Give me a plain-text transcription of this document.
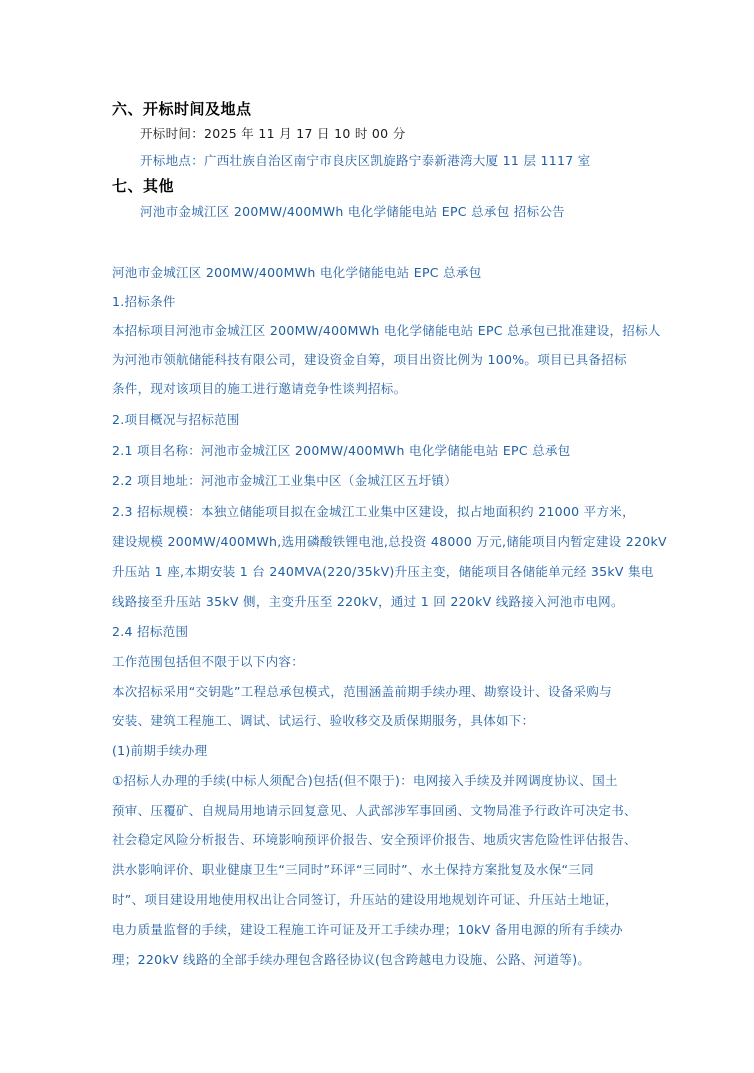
六、开标时间及地点
开标时间：2025 年 11 月 17 日 10 时 00 分
开标地点：广西壮族自治区南宁市良庆区凯旋路宁泰新港湾大厦 11 层 1117 室
七、其他
河池市金城江区 200MW/400MWh 电化学储能电站 EPC 总承包 招标公告
河池市金城江区 200MW/400MWh 电化学储能电站 EPC 总承包
1.招标条件
本招标项目河池市金城江区 200MW/400MWh 电化学储能电站 EPC 总承包已批准建设，招标人
为河池市领航储能科技有限公司，建设资金自筹，项目出资比例为 100%。项目已具备招标
条件，现对该项目的施工进行邀请竞争性谈判招标。
2.项目概况与招标范围
2.1 项目名称：河池市金城江区 200MW/400MWh 电化学储能电站 EPC 总承包
2.2 项目地址：河池市金城江工业集中区（金城江区五圩镇）
2.3 招标规模：本独立储能项目拟在金城江工业集中区建设，拟占地面积约 21000 平方米，
建设规模 200MW/400MWh,选用磷酸铁锂电池,总投资 48000 万元,储能项目内暂定建设 220kV
升压站 1 座,本期安装 1 台 240MVA(220/35kV)升压主变，储能项目各储能单元经 35kV 集电
线路接至升压站 35kV 侧，主变升压至 220kV，通过 1 回 220kV 线路接入河池市电网。
2.4 招标范围
工作范围包括但不限于以下内容：
本次招标采用“交钥匙”工程总承包模式，范围涵盖前期手续办理、勘察设计、设备采购与
安装、建筑工程施工、调试、试运行、验收移交及质保期服务，具体如下：
(1)前期手续办理
①招标人办理的手续(中标人须配合)包括(但不限于)：电网接入手续及并网调度协议、国土
预审、压覆矿、自规局用地请示回复意见、人武部涉军事回函、文物局准予行政许可决定书、
社会稳定风险分析报告、环境影响预评价报告、安全预评价报告、地质灾害危险性评估报告、
洪水影响评价、职业健康卫生“三同时”环评“三同时”、水土保持方案批复及水保“三同
时”、项目建设用地使用权出让合同签订，升压站的建设用地规划许可证、升压站土地证，
电力质量监督的手续，建设工程施工许可证及开工手续办理；10kV 备用电源的所有手续办
理；220kV 线路的全部手续办理包含路径协议(包含跨越电力设施、公路、河道等)。
